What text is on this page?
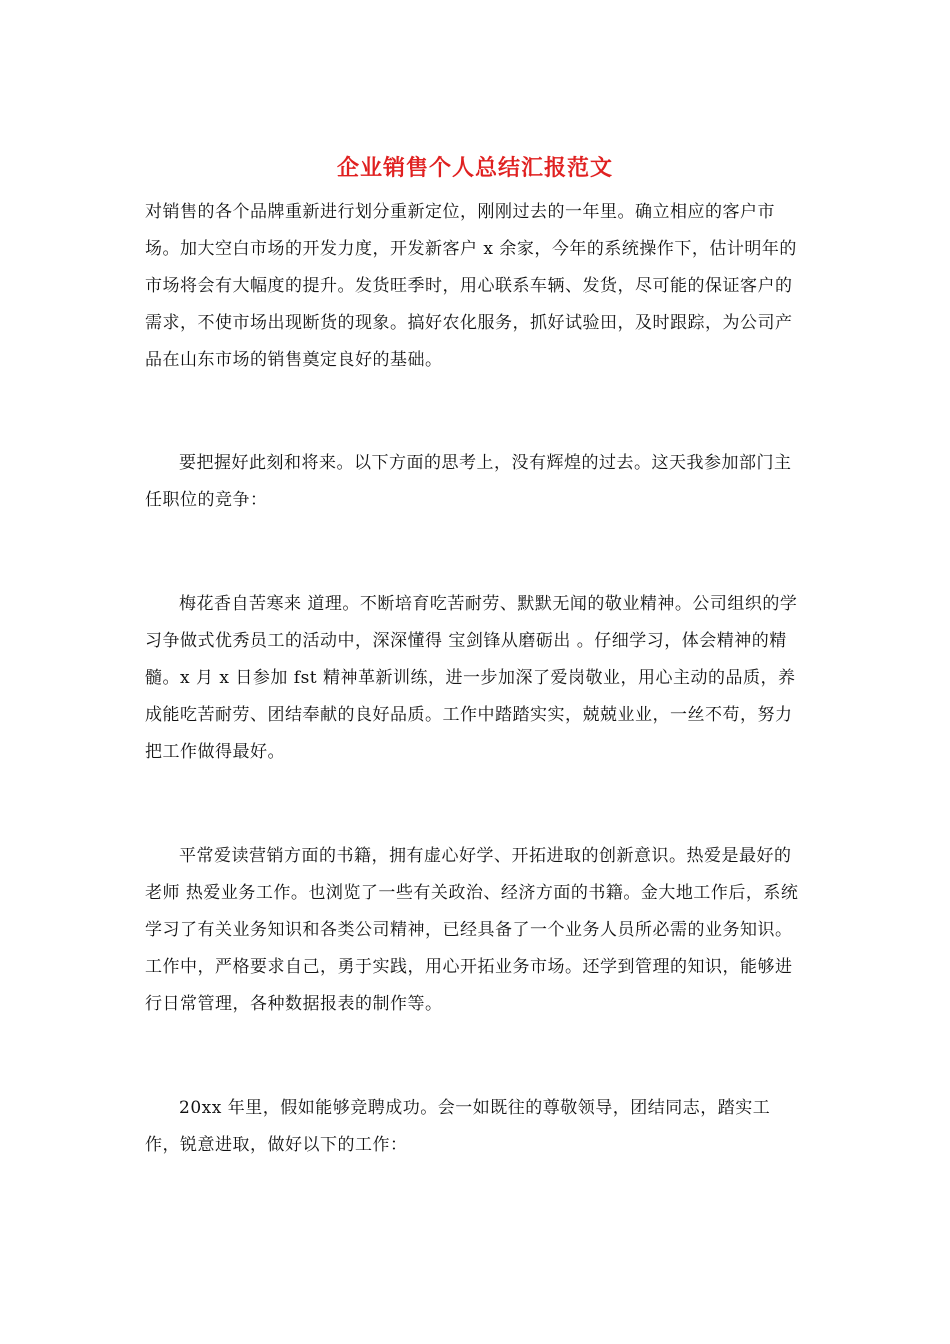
企业销售个人总结汇报范文

对销售的各个品牌重新进行划分重新定位，刚刚过去的一年里。确立相应的客户市场。加大空白市场的开发力度，开发新客户 x 余家，今年的系统操作下，估计明年的市场将会有大幅度的提升。发货旺季时，用心联系车辆、发货，尽可能的保证客户的需求，不使市场出现断货的现象。搞好农化服务，抓好试验田，及时跟踪，为公司产品在山东市场的销售奠定良好的基础。

要把握好此刻和将来。以下方面的思考上，没有辉煌的过去。这天我参加部门主任职位的竞争：

梅花香自苦寒来 道理。不断培育吃苦耐劳、默默无闻的敬业精神。公司组织的学习争做式优秀员工的活动中，深深懂得 宝剑锋从磨砺出 。仔细学习，体会精神的精髓。x 月 x 日参加 fst 精神革新训练，进一步加深了爱岗敬业，用心主动的品质，养成能吃苦耐劳、团结奉献的良好品质。工作中踏踏实实，兢兢业业，一丝不苟，努力把工作做得最好。

平常爱读营销方面的书籍，拥有虚心好学、开拓进取的创新意识。热爱是最好的老师 热爱业务工作。也浏览了一些有关政治、经济方面的书籍。金大地工作后，系统学习了有关业务知识和各类公司精神，已经具备了一个业务人员所必需的业务知识。工作中，严格要求自己，勇于实践，用心开拓业务市场。还学到管理的知识，能够进行日常管理，各种数据报表的制作等。

20xx 年里，假如能够竞聘成功。会一如既往的尊敬领导，团结同志，踏实工作，锐意进取，做好以下的工作：
